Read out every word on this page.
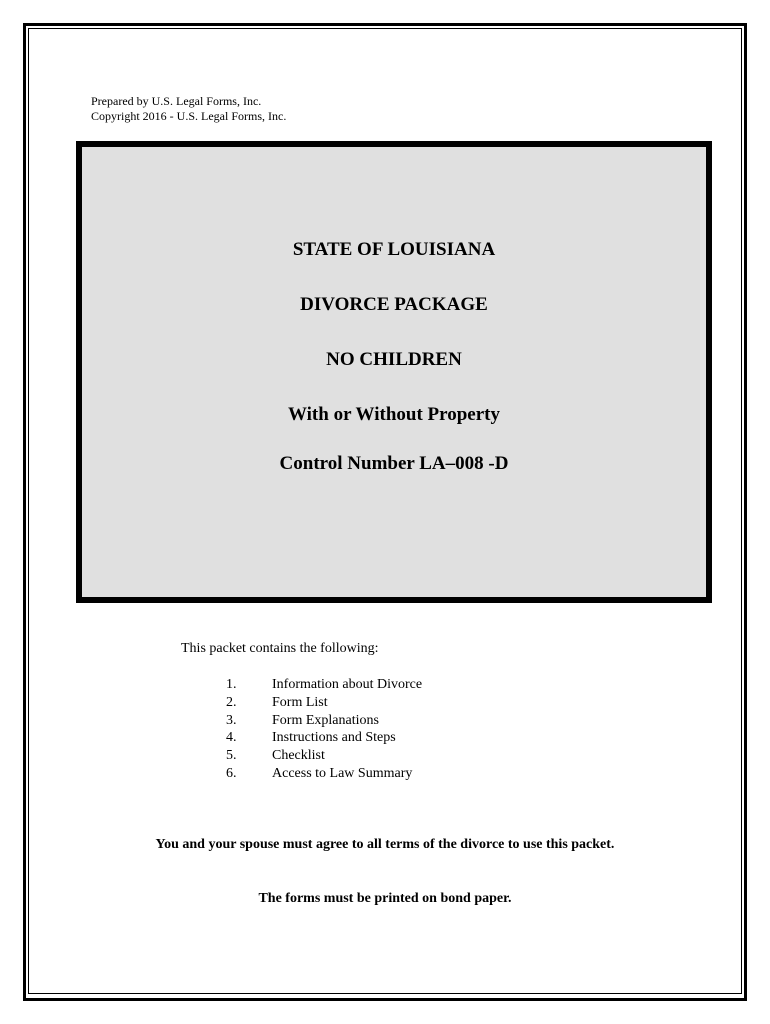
Prepared by U.S. Legal Forms, Inc.
Copyright 2016 - U.S. Legal Forms, Inc.
STATE OF LOUISIANA
DIVORCE PACKAGE
NO CHILDREN
With or Without Property
Control Number LA–008 -D
This packet contains the following:
1.	Information about Divorce
2.	Form List
3.	Form Explanations
4.	Instructions and Steps
5.	Checklist
6.	Access to Law Summary
You and your spouse must agree to all terms of the divorce to use this packet.
The forms must be printed on bond paper.
